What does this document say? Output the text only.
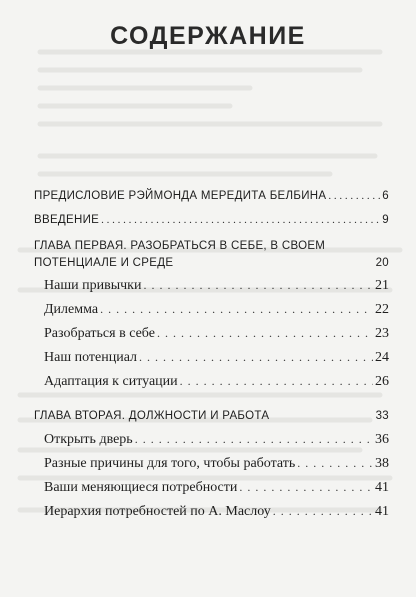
СОДЕРЖАНИЕ
ПРЕДИСЛОВИЕ РЭЙМОНДА МЕРЕДИТА БЕЛБИНА . . .	6
ВВЕДЕНИЕ . . .	9
ГЛАВА ПЕРВАЯ. РАЗОБРАТЬСЯ В СЕБЕ, В СВОЕМ
ПОТЕНЦИАЛЕ И СРЕДЕ	20
Наши привычки . . .	21
Дилемма . . .	22
Разобраться в себе . . .	23
Наш потенциал . . .	24
Адаптация к ситуации . . .	26
ГЛАВА ВТОРАЯ. ДОЛЖНОСТИ И РАБОТА	33
Открыть дверь . . .	36
Разные причины для того, чтобы работать . . .	38
Ваши меняющиеся потребности . . .	41
Иерархия потребностей по А. Маслоу . . .	41
